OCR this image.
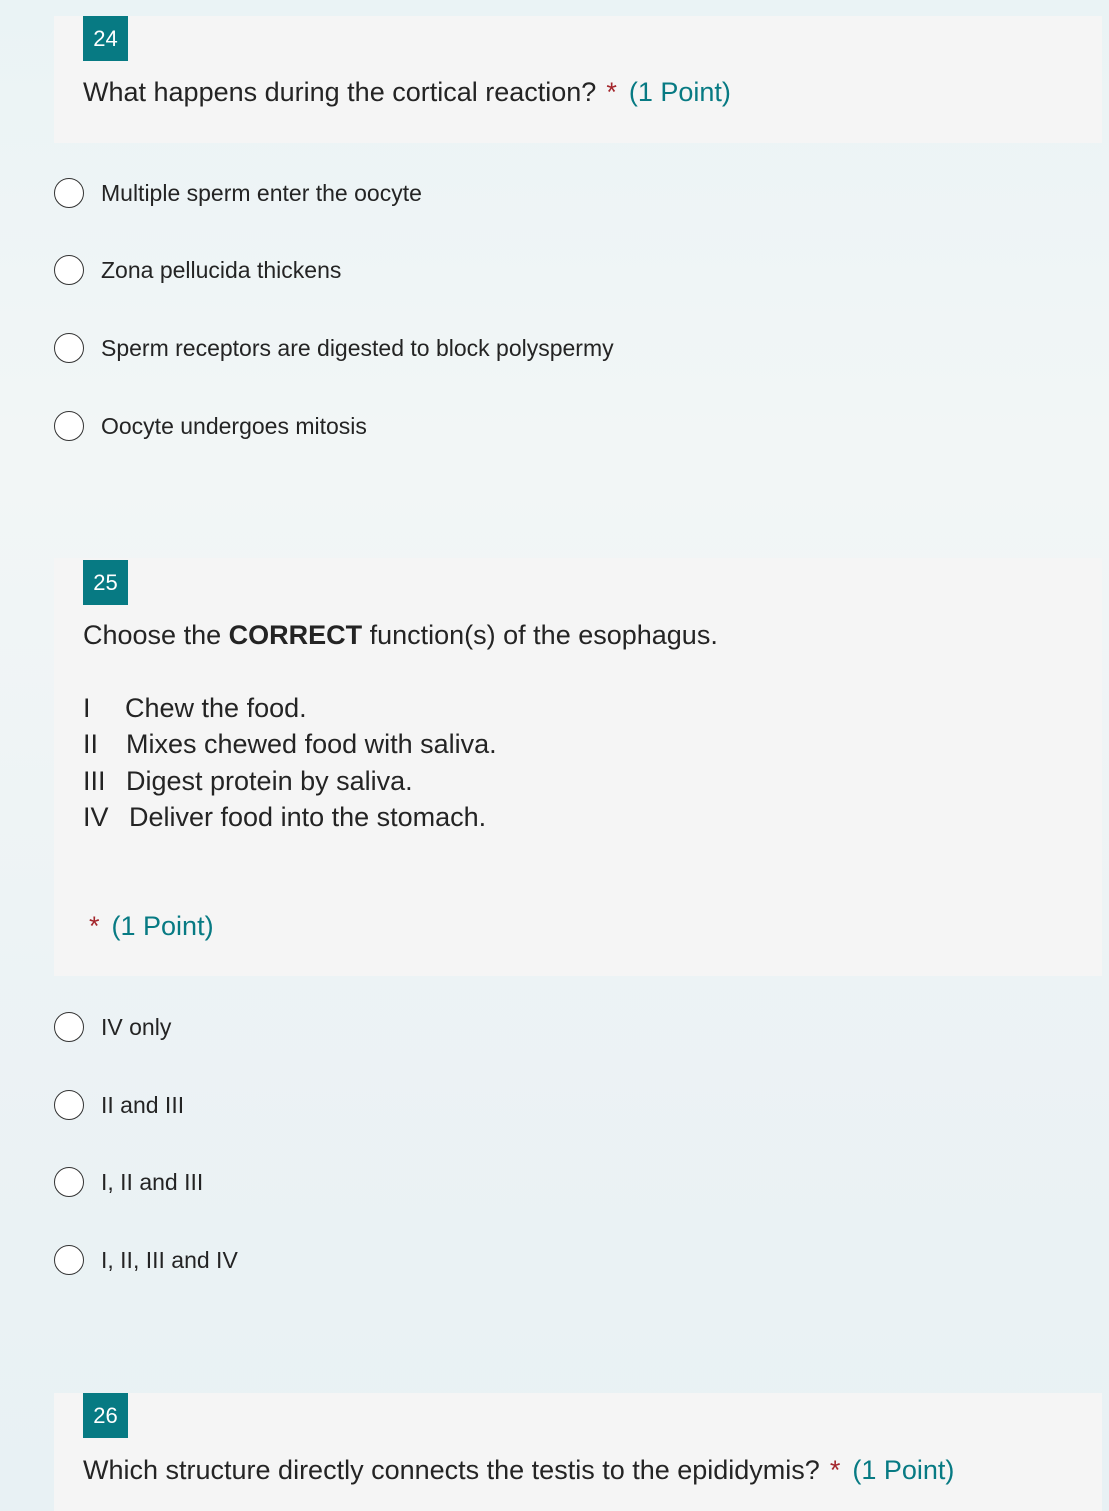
24
What happens during the cortical reaction? * (1 Point)
Multiple sperm enter the oocyte
Zona pellucida thickens
Sperm receptors are digested to block polyspermy
Oocyte undergoes mitosis
25
Choose the CORRECT function(s) of the esophagus.
I Chew the food.
II Mixes chewed food with saliva.
III Digest protein by saliva.
IV Deliver food into the stomach.
* (1 Point)
IV only
II and III
I, II and III
I, II, III and IV
26
Which structure directly connects the testis to the epididymis? * (1 Point)
